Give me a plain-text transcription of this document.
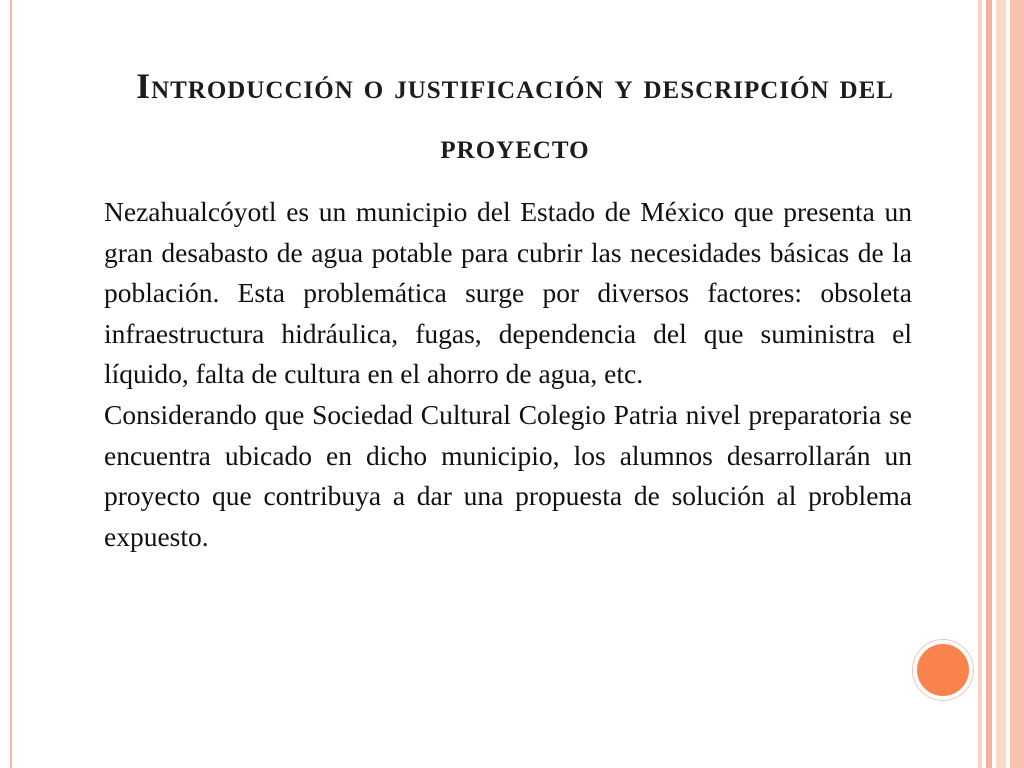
Introducción o justificación y descripción del proyecto

Nezahualcóyotl es un municipio del Estado de México que presenta un gran desabasto de agua potable para cubrir las necesidades básicas de la población. Esta problemática surge por diversos factores: obsoleta infraestructura hidráulica, fugas, dependencia del que suministra el líquido, falta de cultura en el ahorro de agua, etc.

Considerando que Sociedad Cultural Colegio Patria nivel preparatoria se encuentra ubicado en dicho municipio, los alumnos desarrollarán un proyecto que contribuya a dar una propuesta de solución al problema expuesto.
